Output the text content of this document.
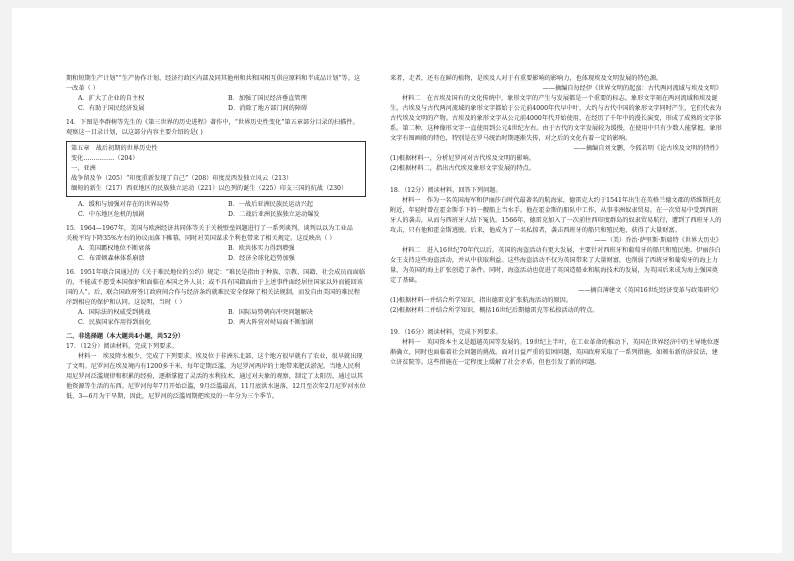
期和短期生产计划”“生产协作计划、经济行政区内部及同其他州和共和国相互供应原料和半成品计划”等。这

一改革（ ）

A．扩大了企业的自主权	B．加强了国民经济垂直管理
C．有助于国民经济发展	D．消除了地方部门间的障碍

14．下图是李群树等先生的《第三世界的历史进程》著作中，“世界历史性变化”第五章部分目录的扫描件。

观察这一目录计划，以这部分内容主要介绍的是( )

第五章　战后初期的世界历史性

变化……………（204）

一、亚洲

战争留及争（205）“印度重新发现了自己”（208）印度反西发独立风云（213）

缅甸的新生（217）西亚地区的民族独立运动（221）以色列的诞生（225）印支三国的抗战（230）

A．缓和与加强对存在的世界局势	B．一战后亚洲民族民运动兴起
C．中东地区危机的加剧	D．二战后亚洲民族独立运动爆发

15．1964—1967年，美国与欧洲经济共同体等关于关税壁垒问题进行了一系列谈判，谈判以以为工业品

关税平均下降35%左右的协议而落下帷幕，同时对美国谋求个利也带来了相关规定。这反映出（ ）

A．美国霸权地位不断衰落	B．欧共体实力得到增强
C．布雷顿森林体系崩溃	D．经济全球化趋势加强

16．1951年联合国通过的《关于难民地位的公约》规定：“难民是指由于种族、宗教、国籍、社会成员而面临的，不能或不愿受本国保护和面临在本国之外人员；或不具有国籍面由于上述事件面经居住国家以外而能回该国的人”。后，联合国政府签订政府间合作与经济条约就难民安全保障了相关法规制，而发自由美国的难民程序到相应的保护和认同。这说明，当时（ ）

A．国际法的权威受到挑战	B．国际局势朝向冲突问题解决
C．民族国家作用得到弱化	D．两大阵营对峙局面不断加剧

二、非选择题（本大题共4小题，共52分）

17．（12分）阅读材料，完成下列要求。

材料一　埃及降水极少，完成了下列要求。埃及位于非洲东北部，这个地方很早就有了农业，很早就出现了文明。尼罗河在埃及境内有1200多千米，每年定期泛滥，为尼罗河两岸的土地带来肥沃淤泥。当地人民利用尼罗河泛滥规律和积累的经验，逐渐掌握了灵活的水利技术，通过对天象的观察，制定了太阳历，通过以其他资源等生活的东西。尼罗河每年7月开始泛滥，9月泛滥最高，11月底洪水退落，12月至次年2月尼罗河水位低，3—6月为干旱期，因此，尼罗河的泛滥周期把埃及的一年分为三个季节。

来者，走者，还有在鲜的植物，是埃及人对于有重要影响的影响力，也体现埃及文明发展的特色源。

——摘编自每经伊《世界文明的起蛮：古代两河流域与埃及文明》

材料二　在古埃及国有的文化传统中，象形文字的产生与发展都是一个重要的标志。象形文字刻在两河流域和埃及诞生。古埃及与古代两河流域的象形文字都始于公元前4000年代早中叶，大约与古代中国的象形文字同时产生，它们代表为古代埃及文明的产物。古埃及的象形文字从公元前4000年代开始使用，在经历了千年中的漫长演变，形成了成熟的文字体系。第二种，这种像形文字一直使用到公元4世纪左右。由于古代的文字发展较为缓慢，在使用中只有少数人能掌握。象形文字有图画般的特色，特别是在罗马统治时期逐渐失传，对之后的文化有着一定的影响。

——摘编自刘文鹏，令狐若明《论古埃及文明的特性》

(1)根据材料一，分析尼罗河对古代埃及文明的影响。

(2)根据材料二，指出古代埃及象形文字发展的特点。

18．（12分）阅读材料，回答下列问题。

材料一　作为一名英国海军和伊丽莎白时代最著名的航海家，德雷克大约于1541年出生在英格兰德文郡的塔维斯托克附近，年轻时曾在霍金斯手下的一艘船上当水手。他在霍金斯的船队中工作，从事非洲奴隶贸易，在一次贸易中受到西班牙人的袭击，从而与西班牙人结下冤仇。1566年，德雷克加入了一次前往西印度群岛的奴隶贸易航行，遭到了西班牙人的攻击，只有他和霍金斯逃脱。后来，他成为了一名私掠者，袭击西班牙的船只和殖民地，获得了大量财富。

——（美）乔治·萨里斯·斯瑞特《世界大历史》

材料二　进入16世纪70年代以后，英国的海盗活动有更大发展，主要针对西班牙和葡萄牙的船只和殖民地。伊丽莎白女王支持这些海盗活动，并从中获取利益。这些海盗活动不仅为英国带来了大量财富，也削弱了西班牙和葡萄牙的海上力量，为英国的海上扩张创造了条件。同时，海盗活动也促进了英国造船业和航海技术的发展，为英国后来成为海上强国奠定了基础。

——摘自薄建文《英国16世纪经济变革与政策研究》

(1)根据材料一并结合所学知识，指出德雷克扩张航海活动的原因。

(2)根据材料二并结合所学知识，概括16世纪后期德雷克等私掠活动的特点。

19．（16分）阅读材料，完成下列要求。

材料一　英国资本主义是超越英国等发展的。19世纪上半叶，在工业革命的推动下，英国在世界经济中的主导地位逐渐确立，同时也面临着社会问题的挑战。面对日益严重的贫困问题，英国政府采取了一系列措施，如颁布新的济贫法，建立济贫院等。这些措施在一定程度上缓解了社会矛盾，但也引发了新的问题。
